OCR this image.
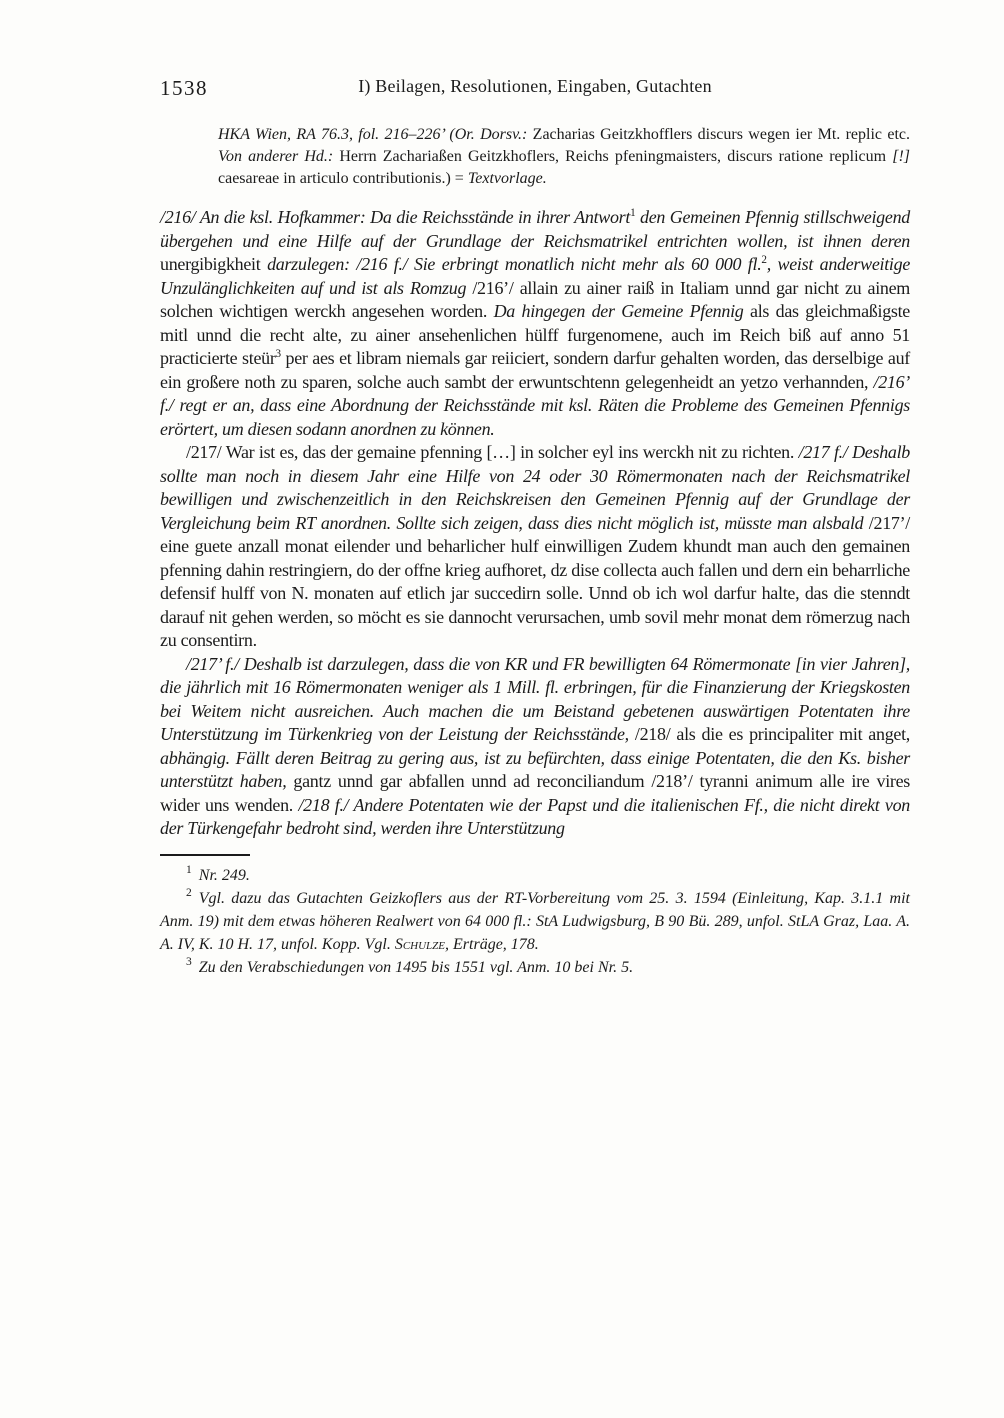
1538	I) Beilagen, Resolutionen, Eingaben, Gutachten
HKA Wien, RA 76.3, fol. 216–226’ (Or. Dorsv.: Zacharias Geitzkhofflers discurs wegen ier Mt. replic etc. Von anderer Hd.: Herrn Zachariaßen Geitzkhoflers, Reichs pfeningmaisters, discurs ratione replicum [!] caesareae in articulo contributionis.) = Textvorlage.

/216/ An die ksl. Hofkammer: Da die Reichsstände in ihrer Antwort$^1$ den Gemeinen Pfennig stillschweigend übergehen und eine Hilfe auf der Grundlage der Reichsmatrikel entrichten wollen, ist ihnen deren unergibigkheit darzulegen: /216 f./ Sie erbringt monatlich nicht mehr als 60 000 fl.$^2$, weist anderweitige Unzulänglichkeiten auf und ist als Romzug /216’/ allain zu ainer raiß in Italiam unnd gar nicht zu ainem solchen wichtigen werckh angesehen worden. Da hingegen der Gemeine Pfennig als das gleichmaßigste mitl unnd die recht alte, zu ainer ansehenlichen hülff furgenomene, auch im Reich biß auf anno 51 practicierte steür$^3$ per aes et libram niemals gar reiiciert, sondern darfur gehalten worden, das derselbige auf ein großere noth zu sparen, solche auch sambt der erwuntschtenn gelegenheidt an yetzo verhannden, /216’ f./ regt er an, dass eine Abordnung der Reichsstände mit ksl. Räten die Probleme des Gemeinen Pfennigs erörtert, um diesen sodann anordnen zu können.

/217/ War ist es, das der gemaine pfenning […] in solcher eyl ins werckh nit zu richten. /217 f./ Deshalb sollte man noch in diesem Jahr eine Hilfe von 24 oder 30 Römermonaten nach der Reichsmatrikel bewilligen und zwischenzeitlich in den Reichskreisen den Gemeinen Pfennig auf der Grundlage der Vergleichung beim RT anordnen. Sollte sich zeigen, dass dies nicht möglich ist, müsste man alsbald /217’/ eine guete anzall monat eilender und beharlicher hulf einwilligen Zudem khundt man auch den gemainen pfenning dahin restringiern, do der offne krieg aufhoret, dz dise collecta auch fallen und dern ein beharrliche defensif hulff von N. monaten auf etlich jar succedirn solle. Unnd ob ich wol darfur halte, das die stenndt darauf nit gehen werden, so möcht es sie dannocht verursachen, umb sovil mehr monat dem römerzug nach zu consentirn.

/217’ f./ Deshalb ist darzulegen, dass die von KR und FR bewilligten 64 Römermonate [in vier Jahren], die jährlich mit 16 Römermonaten weniger als 1 Mill. fl. erbringen, für die Finanzierung der Kriegskosten bei Weitem nicht ausreichen. Auch machen die um Beistand gebetenen auswärtigen Potentaten ihre Unterstützung im Türkenkrieg von der Leistung der Reichsstände, /218/ als die es principaliter mit anget, abhängig. Fällt deren Beitrag zu gering aus, ist zu befürchten, dass einige Potentaten, die den Ks. bisher unterstützt haben, gantz unnd gar abfallen unnd ad reconciliandum /218’/ tyranni animum alle ire vires wider uns wenden. /218 f./ Andere Potentaten wie der Papst und die italienischen Ff., die nicht direkt von der Türkengefahr bedroht sind, werden ihre Unterstützung

$^1$ Nr. 249.

$^2$ Vgl. dazu das Gutachten Geizkoflers aus der RT-Vorbereitung vom 25. 3. 1594 (Einleitung, Kap. 3.1.1 mit Anm. 19) mit dem etwas höheren Realwert von 64 000 fl.: StA Ludwigsburg, B 90 Bü. 289, unfol. StLA Graz, Laa. A. A. IV, K. 10 H. 17, unfol. Kopp. Vgl. Schulze, Erträge, 178.

$^3$ Zu den Verabschiedungen von 1495 bis 1551 vgl. Anm. 10 bei Nr. 5.
